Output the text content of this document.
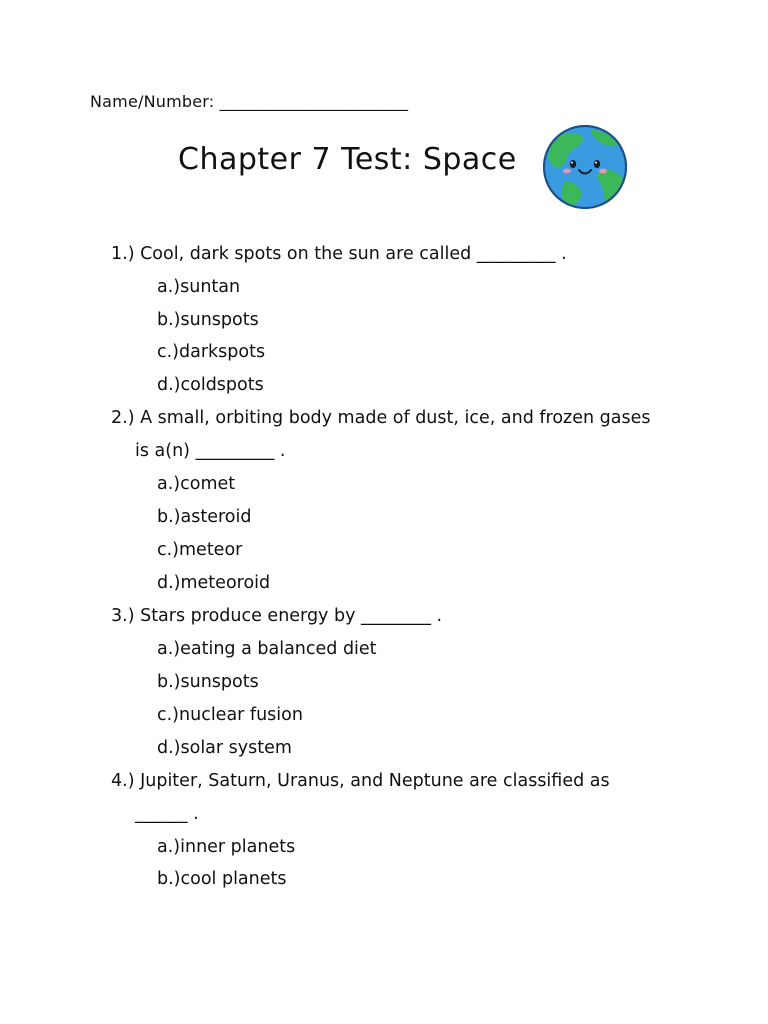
Name/Number: _______________________
Chapter 7 Test: Space
1.) Cool, dark spots on the sun are called _________ .
a.)suntan
b.)sunspots
c.)darkspots
d.)coldspots
2.) A small, orbiting body made of dust, ice, and frozen gases
is a(n) _________ .
a.)comet
b.)asteroid
c.)meteor
d.)meteoroid
3.) Stars produce energy by ________ .
a.)eating a balanced diet
b.)sunspots
c.)nuclear fusion
d.)solar system
4.) Jupiter, Saturn, Uranus, and Neptune are classified as
______ .
a.)inner planets
b.)cool planets
